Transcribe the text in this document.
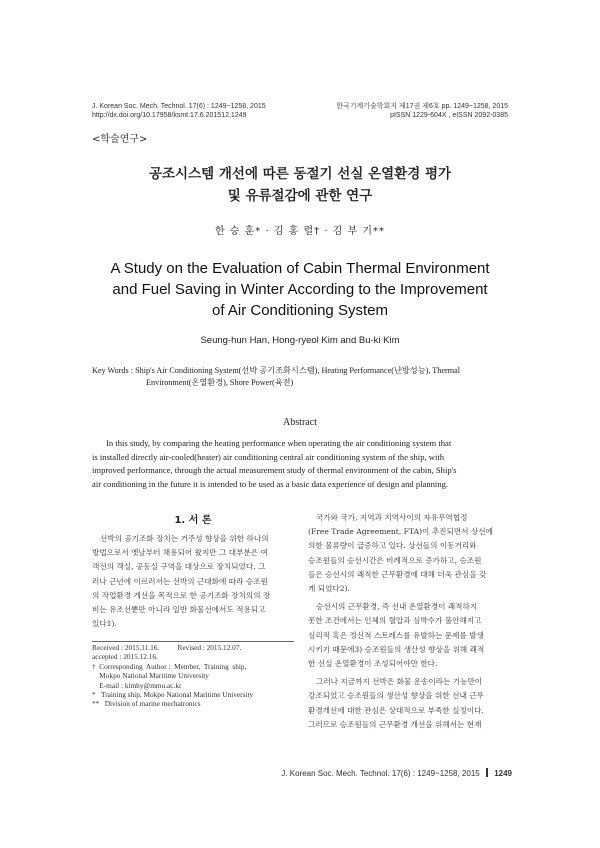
J. Korean Soc. Mech. Technol. 17(6) : 1249~1258, 2015
http://dx.doi.org/10.17958/ksmt.17.6.201512.1249
한국기계기술학회지 제17권 제6호 pp. 1249~1258, 2015
pISSN 1229-604X , eISSN 2092-0385
<학술연구>
공조시스템 개선에 따른 동절기 선실 온열환경 평가
및 유류절감에 관한 연구
한 승 훈* · 김 홍 렬† · 김 부 기**
A Study on the Evaluation of Cabin Thermal Environment
and Fuel Saving in Winter According to the Improvement
of Air Conditioning System
Seung-hun Han, Hong-ryeol Kim and Bu-ki Kim
Key Words : Ship's Air Conditioning System(선박 공기조화시스템), Heating Performance(난방성능), Thermal
Environment(온열환경), Shore Power(육전)
Abstract
In this study, by comparing the heating performance when operating the air conditioning system that
is installed directly air-cooled(heater) air conditioning central air conditioning system of the ship, with
improved performance, through the actual measurement study of thermal environment of the cabin, Ship's
air conditioning in the future it is intended to be used as a basic data experience of design and planning.
1. 서 론
선박의 공기조화 장치는 거주성 향상을 위한 하나의
방법으로서 옛날부터 채용되어 왔지만 그 대부분은 여
객선의 객실, 공동실 구역을 대상으로 장치되었다. 그
러나 근년에 이르러서는 선박의 근대화에 따라 승조원
의 작업환경 개선을 목적으로 한 공기조화 장치의의 장
비는 유조선뿐만 아니라 일반 화물선에서도 적용되고
있다1).
Received : 2015.11.16.          Revised : 2015.12.07.
accepted : 2015.12.16.
†  Corresponding  Author :  Member,  Training  ship,
Mokpo National Maritime University
E-mail : kimhy@mmu.ac.kr
*   Training ship, Mokpo National Maritime University
**   Division of marine mechatronics
국가와 국가, 지역과 지역사이의 자유무역협정
(Free Trade Agreement, FTA)이 추진되면서 상선에
의한 물류량이 급증하고 있다. 상선들의 이동거리와
승조원들의 승선시간은 비례적으로 증가하고, 승조원
들은 승선시의 쾌적한 근무환경에 대해 더욱 관심을 갖
게 되었다2).
승선시의 근무환경, 즉 선내 온열환경이 쾌적하지
못한 조건에서는 인체의 혈압과 심박수가 불안해지고
심리적 혹은 정신적 스트레스를 유발하는 문제를 발생
시키기 때문에3) 승조원들의 생산성 향상을 위해 쾌적
한 선실 온열환경이 조성되어야만 한다.
그러나 지금까지 선박은 화물 운송이라는 기능만이
강조되었고 승조원들의 생산성 향상을 위한 선내 근무
환경개선에 대한 관심은 상대적으로 부족한 실정이다.
그러므로 승조원들의 근무환경 개선을 위해서는 현재
J. Korean Soc. Mech. Technol. 17(6) : 1249~1258, 2015 1249
